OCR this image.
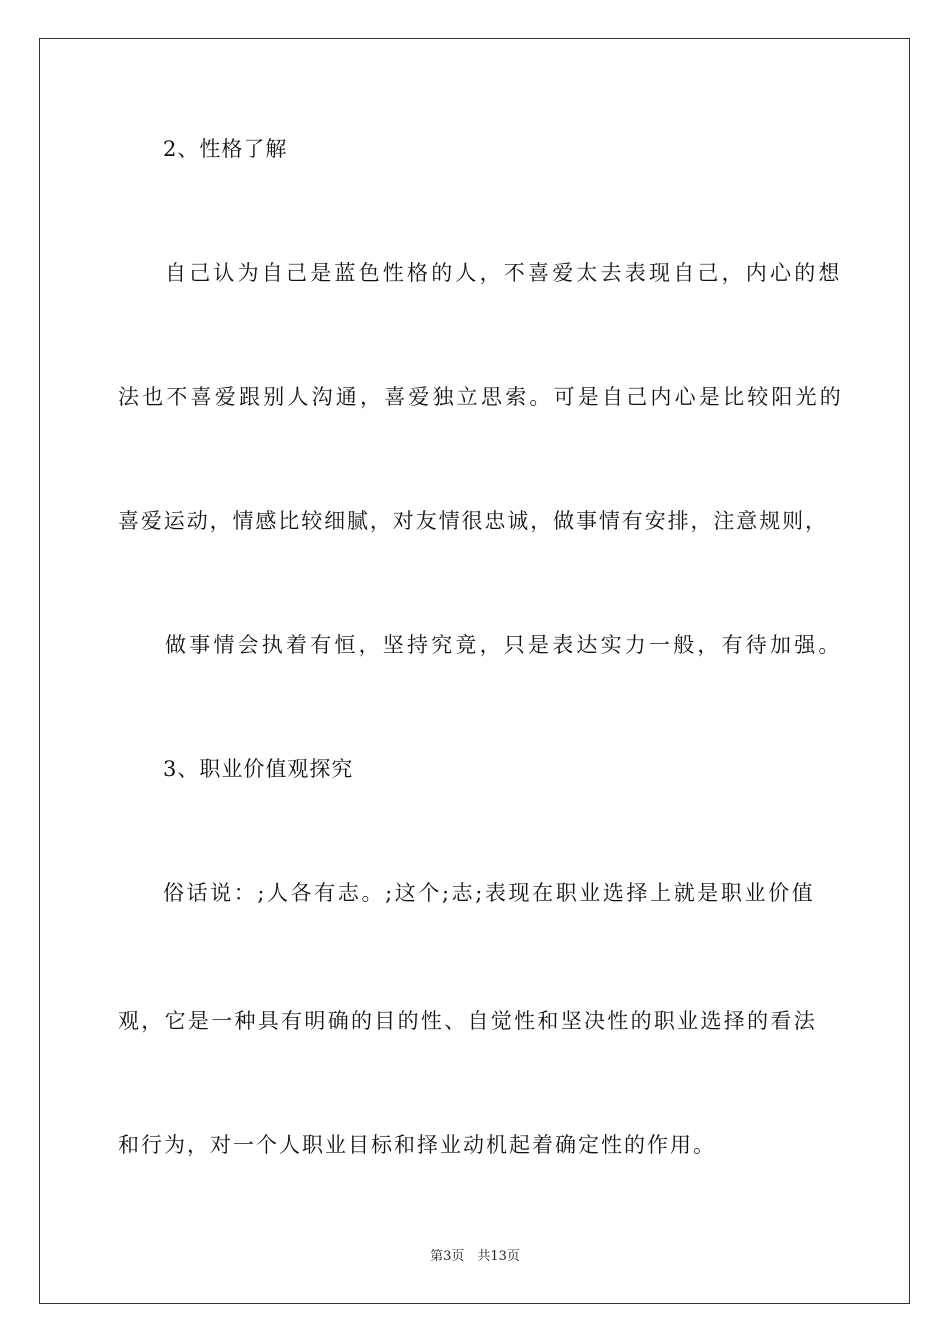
2、性格了解
自己认为自己是蓝色性格的人，不喜爱太去表现自己，内心的想
法也不喜爱跟别人沟通，喜爱独立思索。可是自己内心是比较阳光的
喜爱运动，情感比较细腻，对友情很忠诚，做事情有安排，注意规则，
做事情会执着有恒，坚持究竟，只是表达实力一般，有待加强。
3、职业价值观探究
俗话说：;人各有志。;这个;志;表现在职业选择上就是职业价值
观，它是一种具有明确的目的性、自觉性和坚决性的职业选择的看法
和行为，对一个人职业目标和择业动机起着确定性的作用。
第3页　共13页
